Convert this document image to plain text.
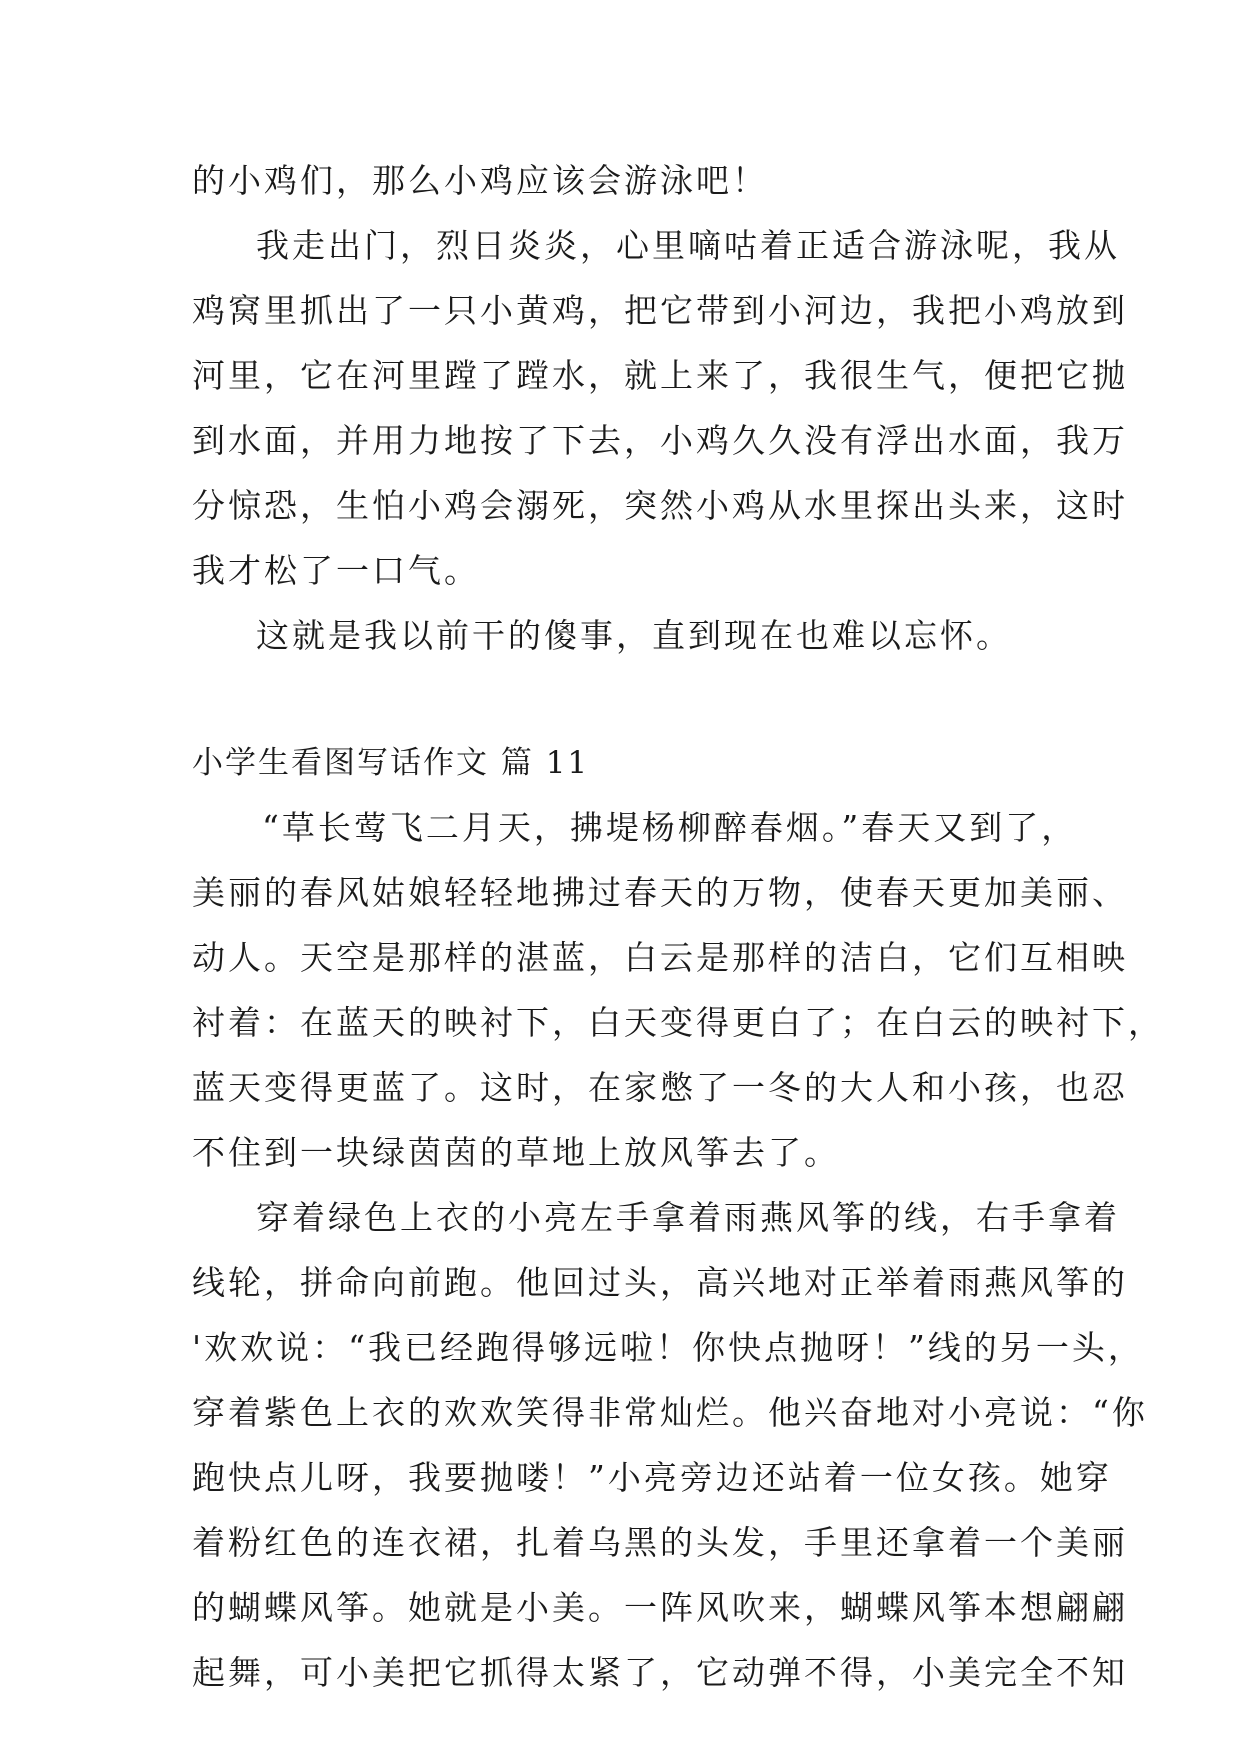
的小鸡们，那么小鸡应该会游泳吧！
我走出门，烈日炎炎，心里嘀咕着正适合游泳呢，我从
鸡窝里抓出了一只小黄鸡，把它带到小河边，我把小鸡放到
河里，它在河里蹚了蹚水，就上来了，我很生气，便把它抛
到水面，并用力地按了下去，小鸡久久没有浮出水面，我万
分惊恐，生怕小鸡会溺死，突然小鸡从水里探出头来，这时
我才松了一口气。
这就是我以前干的傻事，直到现在也难以忘怀。
小学生看图写话作文 篇 11
“草长莺飞二月天，拂堤杨柳醉春烟。”春天又到了，
美丽的春风姑娘轻轻地拂过春天的万物，使春天更加美丽、
动人。天空是那样的湛蓝，白云是那样的洁白，它们互相映
衬着：在蓝天的映衬下，白天变得更白了；在白云的映衬下，
蓝天变得更蓝了。这时，在家憋了一冬的大人和小孩，也忍
不住到一块绿茵茵的草地上放风筝去了。
穿着绿色上衣的小亮左手拿着雨燕风筝的线，右手拿着
线轮，拼命向前跑。他回过头，高兴地对正举着雨燕风筝的
'欢欢说：“我已经跑得够远啦！你快点抛呀！”线的另一头，
穿着紫色上衣的欢欢笑得非常灿烂。他兴奋地对小亮说：“你
跑快点儿呀，我要抛喽！”小亮旁边还站着一位女孩。她穿
着粉红色的连衣裙，扎着乌黑的头发，手里还拿着一个美丽
的蝴蝶风筝。她就是小美。一阵风吹来，蝴蝶风筝本想翩翩
起舞，可小美把它抓得太紧了，它动弹不得，小美完全不知
